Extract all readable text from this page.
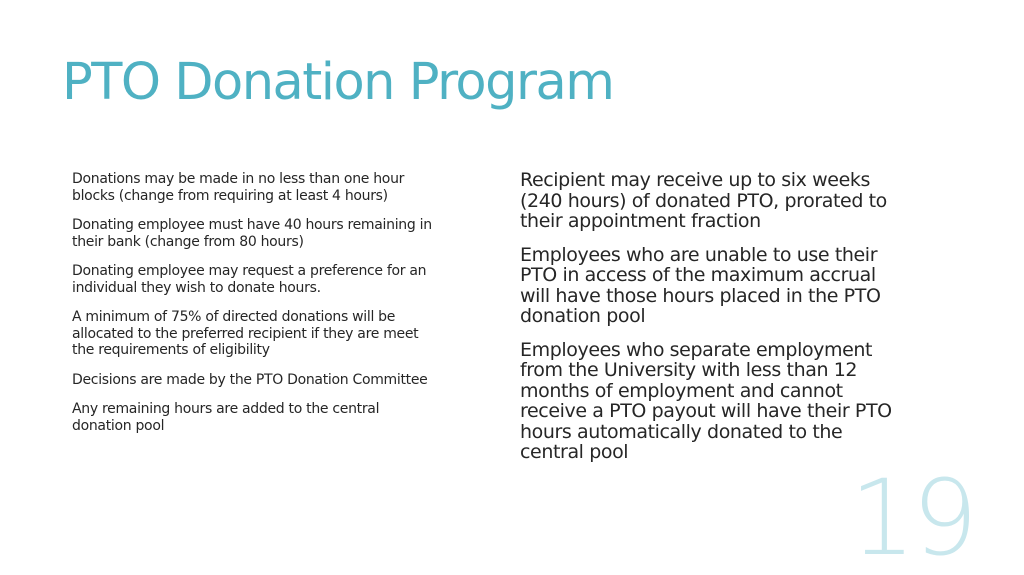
PTO Donation Program
Donations may be made in no less than one hour blocks (change from requiring at least 4 hours)
Donating employee must have 40 hours remaining in their bank (change from 80 hours)
Donating employee may request a preference for an individual they wish to donate hours.
A minimum of 75% of directed donations will be allocated to the preferred recipient if they are meet the requirements of eligibility
Decisions are made by the PTO Donation Committee
Any remaining hours are added to the central donation pool
Recipient may receive up to six weeks (240 hours) of donated PTO, prorated to their appointment fraction
Employees who are unable to use their PTO in access of the maximum accrual will have those hours placed in the PTO donation pool
Employees who separate employment from the University with less than 12 months of employment and cannot receive a PTO payout will have their PTO hours automatically donated to the central pool
19
